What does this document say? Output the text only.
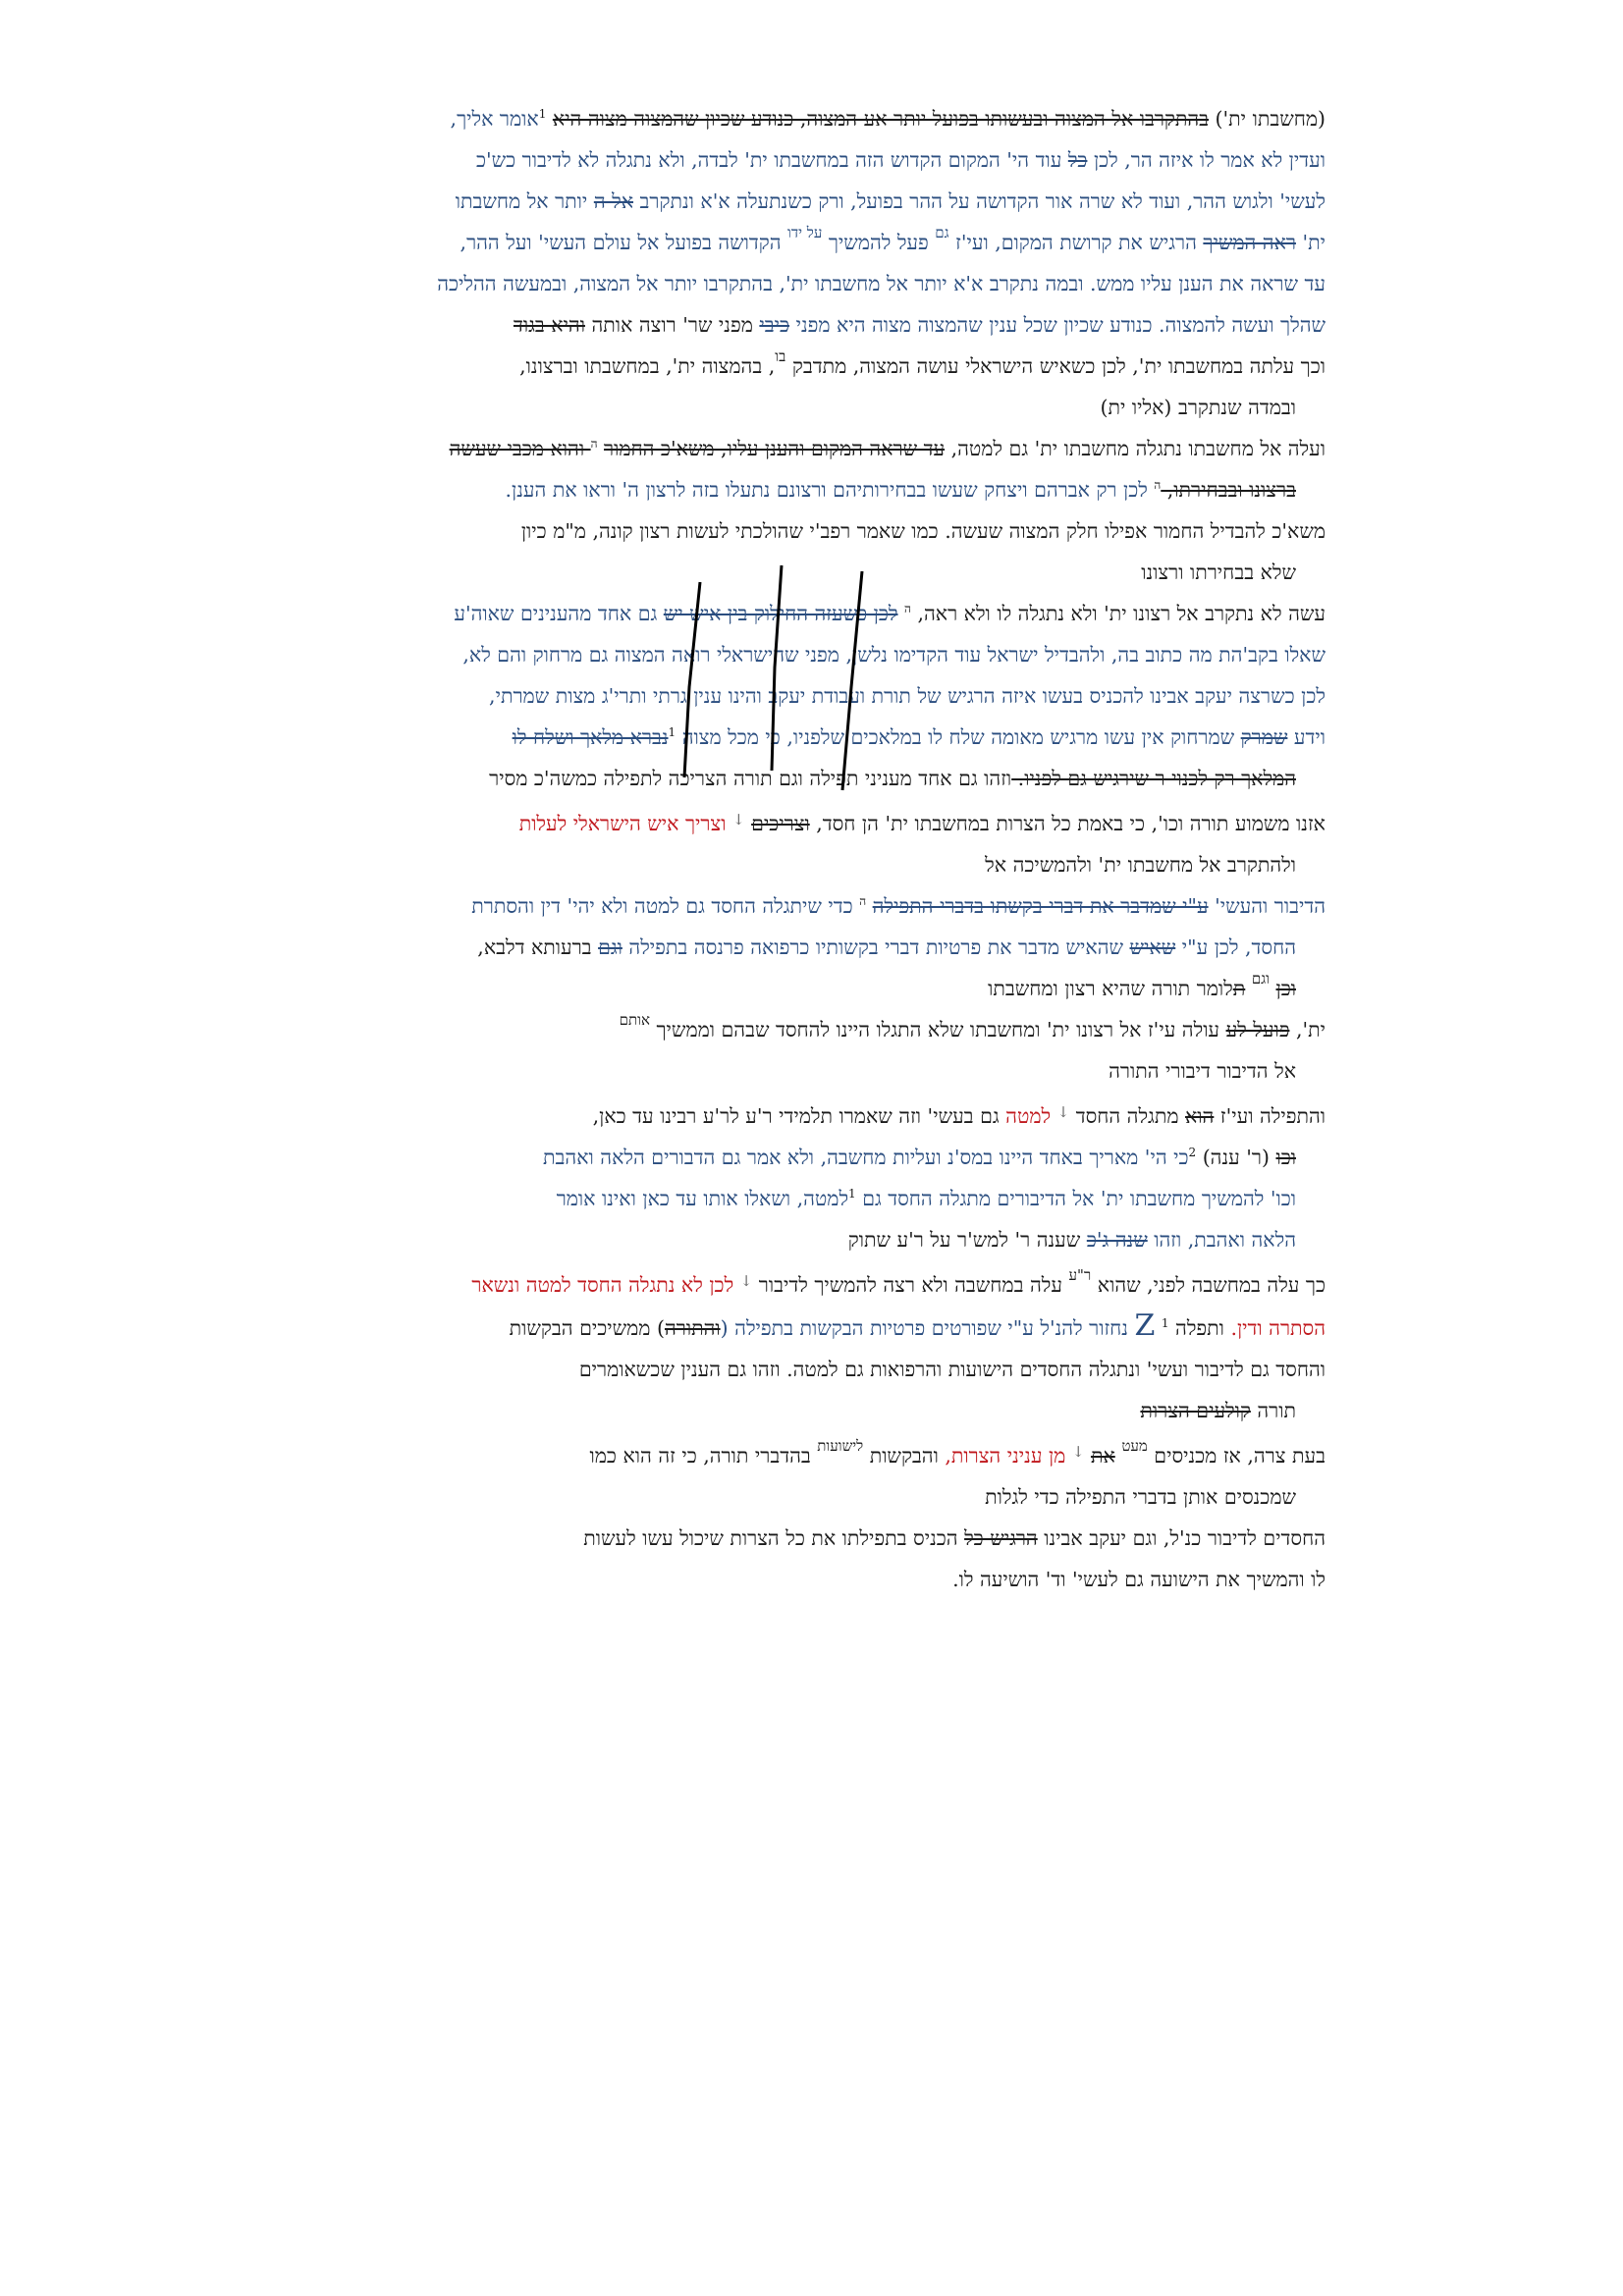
(מחשבתו ית') בהתקרבו אל המצוה ובעשותו בפועל יותר אע המצוה, כנודע שכיון שהמצוה מצוה היא $^1$אומר אליך,
ועדין לא אמר לו איזה הר, לכן כל עוד הי' המקום הקדוש הזה במחשבתו ית' לבדה, ולא נתגלה לא לדיבור כש'כ
לעשי' ולגוש ההר, ועוד לא שרה אור הקדושה על ההר בפועל, ורק כשנתעלה א'א ונתקרב אל ה יותר אל מחשבתו
ית' ראה המשיך הרגיש את קרושת המקום, ועי'ז $^{גם}$ פעל להמשיך $^{על ידו}$ הקדושה בפועל אל עולם העשי' ועל ההר,
עד שראה את הענן עליו ממש. ובמה נתקרב א'א יותר אל מחשבתו ית', בהתקרבו יותר אל המצוה, ובמעשה ההליכה
שהלך ועשה להמצוה. כנודע שכיון שכל ענין שהמצוה מצוה היא מפני כיבי מפני שר' רוצה אותה והיא בגוד
וכך עלתה במחשבתו ית', לכן כשאיש הישראלי עושה המצוה, מתדבק $^{בו}$, בהמצוה ית', במחשבתו וברצונו,
ובמדה שנתקרב (אליו ית)
ועלה אל מחשבתו נתגלה מחשבתו ית' גם למטה, עד שראה המקום והענן עליו, משא'כ החמור $^ה$ והוא מכבי שעשה
ברצונו ובבחירתו, $^ה$ לכן רק אברהם ויצחק שעשו בבחירותיהם ורצונם נתעלו בזה לרצון ה' וראו את הענן.
משא'כ להבדיל החמור אפילו חלק המצוה שעשה. כמו שאמר רפב'י שהולכתי לעשות רצון קונה, מ"מ כיון
שלא בבחירתו ורצונו
עשה לא נתקרב אל רצונו ית' ולא נתגלה לו ולא ראה, $^ה$ לכן כשעזה החילוק בין איש יש גם אחד מהענינים שאוה'ע
שאלו בקב'הת מה כתוב בה, ולהבדיל ישראל עוד הקדימו נלשן, מפני שהישראלי רואה המצוה גם מרחוק והם לא,
לכן כשרצה יעקב אבינו להכניס בעשו איזה הרגיש של תורת ועבודת יעקב והינו ענין גרתי ותרי'ג מצות שמרתי,
וידע שמרק שמרחוק אין עשו מרגיש מאומה שלח לו במלאכים שלפניו, כי מכל מצוה $^1$נברא מלאך ושלח לו
המלאך רק לכנוי ר שירגיש גם לפניו. וזהו גם אחד מעניני תפילה וגם תורה הצריכה לתפילה כמשה'כ מסיר
אזנו משמוע תורה וכו', כי באמת כל הצרות במחשבתו ית' הן חסד, וצריכים ↓ וצריך איש הישראלי לעלות
ולהתקרב אל מחשבתו ית' ולהמשיכה אל
הדיבור והעשי' ע"י שמדבר את דברי בקשתו בדברי התפילה $^ה$ כדי שיתגלה החסד גם למטה ולא יהי' דין והסתרת
החסד, לכן ע"י שאיש שהאיש מדבר את פרטיות דברי בקשותיו כרפואה פרנסה בתפילה וגם ברעותא דלבא,
וכן $^{וגם}$ תלומר תורה שהיא רצון ומחשבתו
ית', פועל לע עולה עי'ז אל רצונו ית' ומחשבתו שלא התגלו היינו להחסד שבהם וממשיך $^{אותם}$
אל הדיבור דיבורי התורה
והתפילה ועי'ז הוא מתגלה החסד ↓ למטה גם בעשי' וזה שאמרו תלמידי ר'ע לר'ע רבינו עד כאן,
וכו (ר' ענה) $^2$כי הי' מאריך באחד היינו במס'נ ועליות מחשבה, ולא אמר גם הדבורים הלאה ואהבת
וכו' להמשיך מחשבתו ית' אל הדיבורים מתגלה החסד גם $^1$למטה, ושאלו אותו עד כאן ואינו אומר
הלאה ואהבת, וזהו שנה ג'כ שענה ר' למש'ר על ר'ע שתוק
כך עלה במחשבה לפני, שהוא $^{ר"ע}$ עלה במחשבה ולא רצה להמשיך לדיבור ↓ לכן לא נתגלה החסד למטה ונשאר
הסתרה ודין. ותפלה $^1$ Z נחזור להנ'ל ע"י שפורטים פרטיות הבקשות בתפילה (והתורה) ממשיכים הבקשות
והחסד גם לדיבור ועשי' ונתגלה החסדים הישועות והרפואות גם למטה. וזהו גם הענין שכשאומרים
תורה קולעים הצרות
בעת צרה, אז מכניסים $^{מעט}$ את ↓ מן עניני הצרות, והבקשות $^{לישועות}$ בהדברי תורה, כי זה הוא כמו
שמכנסים אותן בדברי התפילה כדי לגלות
החסדים לדיבור כנ'ל, וגם יעקב אבינו הרגיש כל הכניס בתפילתו את כל הצרות שיכול עשו לעשות
לו והמשיך את הישועה גם לעשי' וד' הושיעה לו.
